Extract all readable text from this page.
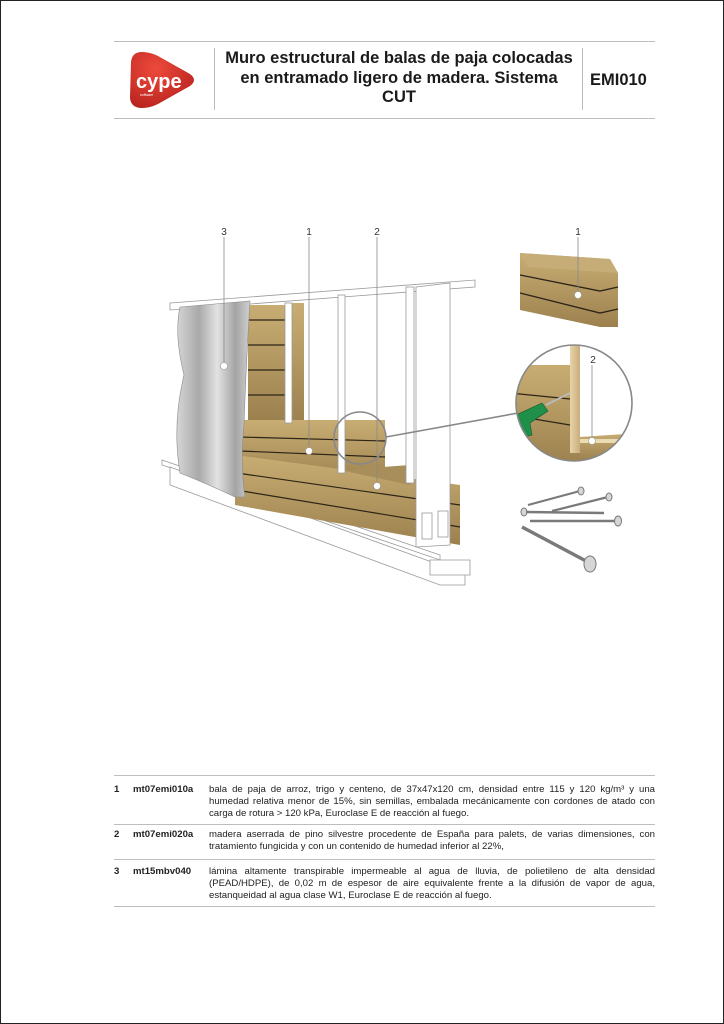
cype
software
Muro estructural de balas de paja colocadas
en entramado ligero de madera. Sistema
CUT
EMI010
3	1	2	1
2
1 mt07emi010a bala de paja de arroz, trigo y centeno, de 37x47x120 cm, densidad entre 115 y 120 kg/m³ y una humedad relativa menor de 15%, sin semillas, embalada mecánicamente con cordones de atado con carga de rotura > 120 kPa, Euroclase E de reacción al fuego.
2 mt07emi020a madera aserrada de pino silvestre procedente de España para palets, de varias dimensiones, con tratamiento fungicida y con un contenido de humedad inferior al 22%,
3 mt15mbv040 lámina altamente transpirable impermeable al agua de lluvia, de polietileno de alta densidad (PEAD/HDPE), de 0,02 m de espesor de aire equivalente frente a la difusión de vapor de agua, estanqueidad al agua clase W1, Euroclase E de reacción al fuego.
